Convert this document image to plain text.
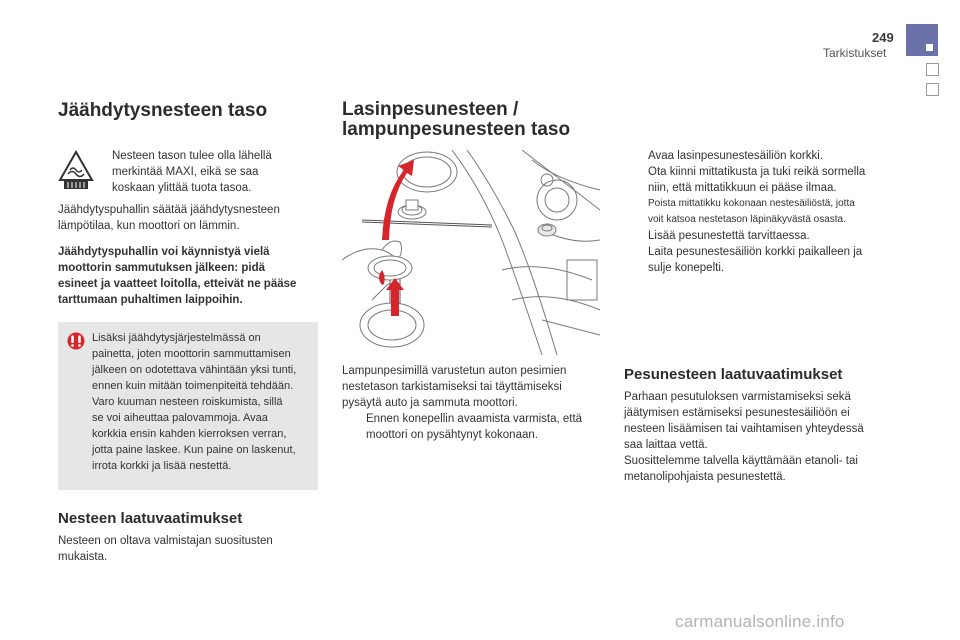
249
Tarkistukset
Jäähdytysnesteen taso

Nesteen tason tulee olla lähellä

merkintää MAXI, eikä se saa

koskaan ylittää tuota tasoa.

Jäähdytyspuhallin säätää jäähdytysnesteen

lämpötilaa, kun moottori on lämmin.

Jäähdytyspuhallin voi käynnistyä vielä

moottorin sammutuksen jälkeen: pidä

esineet ja vaatteet loitolla, etteivät ne pääse

tarttumaan puhaltimen laippoihin.

Lisäksi jäähdytysjärjestelmässä on

painetta, joten moottorin sammuttamisen

jälkeen on odotettava vähintään yksi tunti,

ennen kuin mitään toimenpiteitä tehdään.

Varo kuuman nesteen roiskumista, sillä

se voi aiheuttaa palovammoja. Avaa

korkkia ensin kahden kierroksen verran,

jotta paine laskee. Kun paine on laskenut,

irrota korkki ja lisää nestettä.

Nesteen laatuvaatimukset

Nesteen on oltava valmistajan suositusten

mukaista.

Lasinpesunesteen /
lampunpesunesteen taso

Lampunpesimillä varustetun auton pesimien

nestetason tarkistamiseksi tai täyttämiseksi

pysäytä auto ja sammuta moottori.

Ennen konepellin avaamista varmista, että

moottori on pysähtynyt kokonaan.

Avaa lasinpesunestesäiliön korkki.

Ota kiinni mittatikusta ja tuki reikä sormella

niin, että mittatikkuun ei pääse ilmaa.

Poista mittatikku kokonaan nestesäiliöstä, jotta

voit katsoa nestetason läpinäkyvästä osasta.

Lisää pesunestettä tarvittaessa.

Laita pesunestesäiliön korkki paikalleen ja

sulje konepelti.

Pesunesteen laatuvaatimukset

Parhaan pesutuloksen varmistamiseksi sekä

jäätymisen estämiseksi pesunestesäiliöön ei

nesteen lisäämisen tai vaihtamisen yhteydessä

saa laittaa vettä.

Suosittelemme talvella käyttämään etanoli- tai

metanolipohjaista pesunestettä.

carmanualsonline.info
